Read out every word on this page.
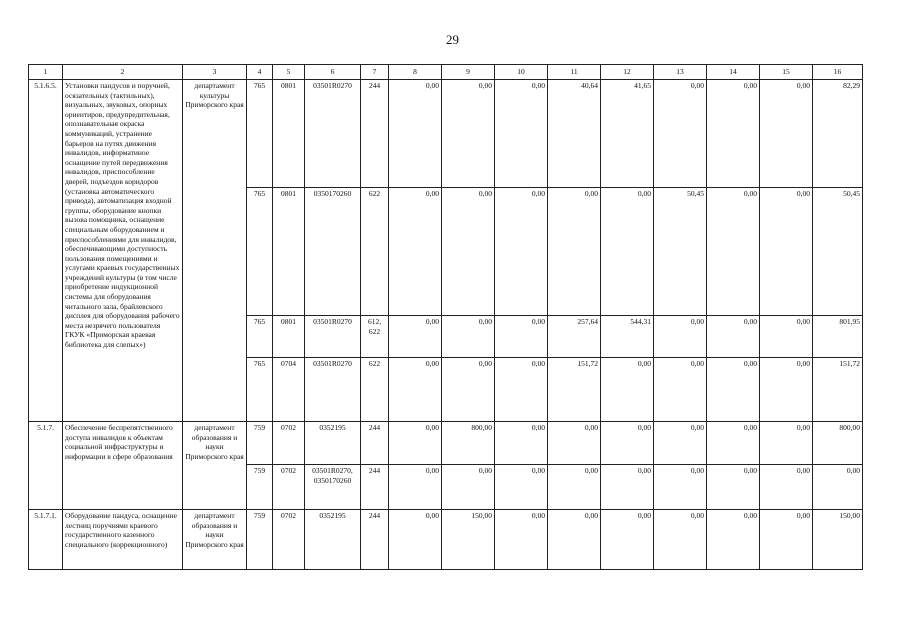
29
1	2	3	4	5	6	7	8	9	10	11	12	13	14	15	16
5.1.6.5.	Установки пандусов и поручней, осязательных (тактильных), визуальных, звуковых, опорных ориентиров, предупредительная, опознавательная окраска коммуникаций, устранение барьеров на путях движения инвалидов, информатиное оснащение путей передвижения инвалидов, приспособление дверей, подъездов коридоров (установка автоматического привода), автоматизация входной группы, оборудование кнопки вызова помощника, оснащение специальным оборудованием и приспособлениями для инвалидов, обеспечивающими доступность пользования помещениями и услугами краевых государственных учреждений культуры (в том числе приобретение индукционной системы для оборудования читального зала, брайлевского дисплея для оборудования рабочего места незрячего пользователя ГКУК «Приморская краевая библиотека для слепых»)	департамент культуры Приморского края	765	0801	03501R0270	244	0,00	0,00	0,00	40,64	41,65	0,00	0,00	0,00	82,29
			765	0801	0350170260	622	0,00	0,00	0,00	0,00	0,00	50,45	0,00	0,00	50,45
			765	0801	03501R0270	612, 622	0,00	0,00	0,00	257,64	544,31	0,00	0,00	0,00	801,95
			765	0704	03501R0270	622	0,00	0,00	0,00	151,72	0,00	0,00	0,00	0,00	151,72
5.1.7.	Обеспечение беспрепятственного доступа инвалидов к объектам социальной инфраструктуры и информации в сфере образования	департамент образования и науки Приморского края	759	0702	0352195	244	0,00	800,00	0,00	0,00	0,00	0,00	0,00	0,00	800,00
			759	0702	03501R0270, 0350170260	244	0,00	0,00	0,00	0,00	0,00	0,00	0,00	0,00	0,00
5.1.7.1.	Оборудование пандуса, оснащение лестниц поручнями краевого государственного казенного специального (коррекционного)	департамент образования и науки Приморского края	759	0702	0352195	244	0,00	150,00	0,00	0,00	0,00	0,00	0,00	0,00	150,00
